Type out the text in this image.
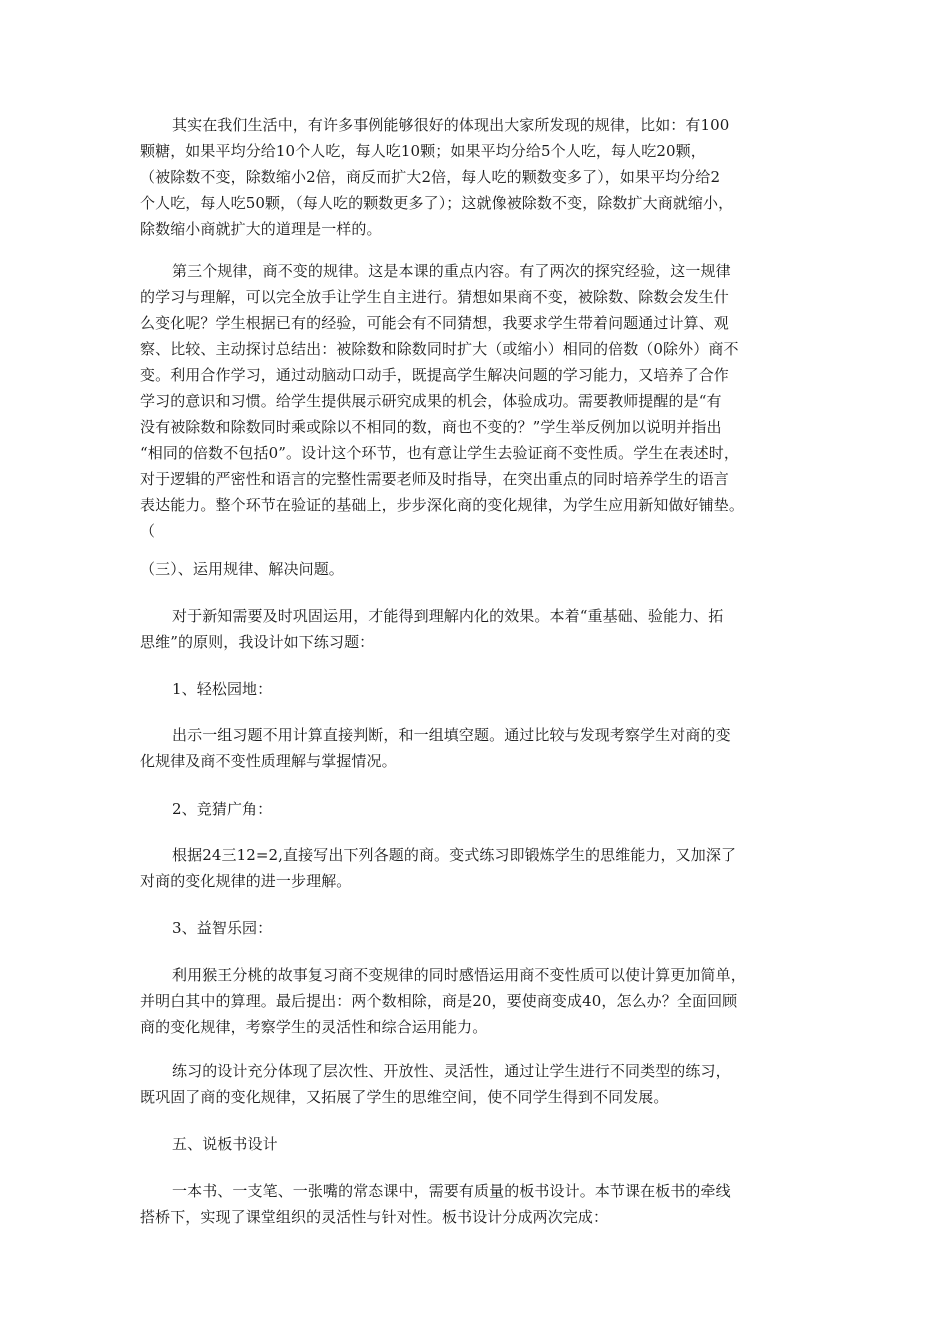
其实在我们生活中，有许多事例能够很好的体现出大家所发现的规律，比如：有100
颗糖，如果平均分给10个人吃，每人吃10颗；如果平均分给5个人吃，每人吃20颗，
（被除数不变，除数缩小2倍，商反而扩大2倍，每人吃的颗数变多了），如果平均分给2
个人吃，每人吃50颗，（每人吃的颗数更多了）；这就像被除数不变，除数扩大商就缩小，
除数缩小商就扩大的道理是一样的。
第三个规律，商不变的规律。这是本课的重点内容。有了两次的探究经验，这一规律
的学习与理解，可以完全放手让学生自主进行。猜想如果商不变，被除数、除数会发生什
么变化呢？学生根据已有的经验，可能会有不同猜想，我要求学生带着问题通过计算、观
察、比较、主动探讨总结出：被除数和除数同时扩大（或缩小）相同的倍数（0除外）商不
变。利用合作学习，通过动脑动口动手，既提高学生解决问题的学习能力，又培养了合作
学习的意识和习惯。给学生提供展示研究成果的机会，体验成功。需要教师提醒的是“有
没有被除数和除数同时乘或除以不相同的数，商也不变的？”学生举反例加以说明并指出
“相同的倍数不包括0”。设计这个环节，也有意让学生去验证商不变性质。学生在表述时，
对于逻辑的严密性和语言的完整性需要老师及时指导，在突出重点的同时培养学生的语言
表达能力。整个环节在验证的基础上，步步深化商的变化规律，为学生应用新知做好铺垫。
（
（三）、运用规律、解决问题。
对于新知需要及时巩固运用，才能得到理解内化的效果。本着“重基础、验能力、拓
思维”的原则，我设计如下练习题：
1、轻松园地：
出示一组习题不用计算直接判断，和一组填空题。通过比较与发现考察学生对商的变
化规律及商不变性质理解与掌握情况。
2、竞猜广角：
根据24三12=2,直接写出下列各题的商。变式练习即锻炼学生的思维能力，又加深了
对商的变化规律的进一步理解。
3、益智乐园：
利用猴王分桃的故事复习商不变规律的同时感悟运用商不变性质可以使计算更加简单，
并明白其中的算理。最后提出：两个数相除，商是20，要使商变成40，怎么办？全面回顾
商的变化规律，考察学生的灵活性和综合运用能力。
练习的设计充分体现了层次性、开放性、灵活性，通过让学生进行不同类型的练习，
既巩固了商的变化规律，又拓展了学生的思维空间，使不同学生得到不同发展。
五、说板书设计
一本书、一支笔、一张嘴的常态课中，需要有质量的板书设计。本节课在板书的牵线
搭桥下，实现了课堂组织的灵活性与针对性。板书设计分成两次完成：
